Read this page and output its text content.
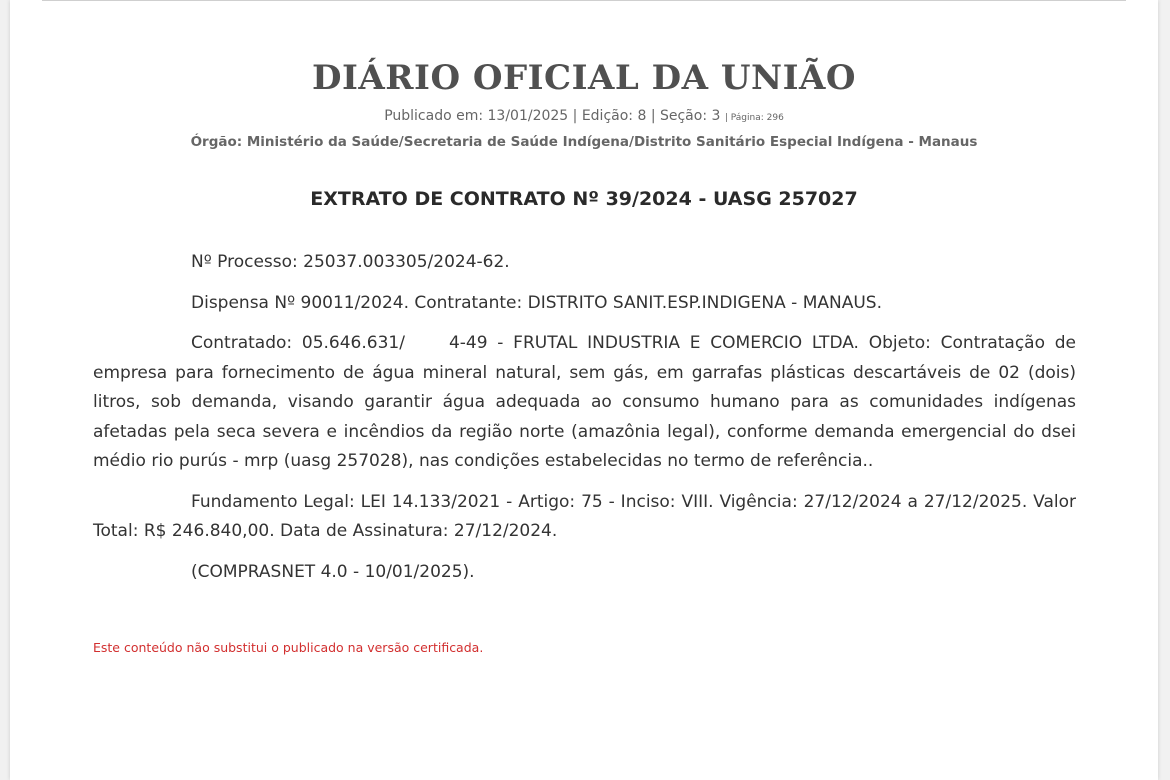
DIÁRIO OFICIAL DA UNIÃO
Publicado em: 13/01/2025 | Edição: 8 | Seção: 3 | Página: 296
Órgão: Ministério da Saúde/Secretaria de Saúde Indígena/Distrito Sanitário Especial Indígena - Manaus
EXTRATO DE CONTRATO Nº 39/2024 - UASG 257027

Nº Processo: 25037.003305/2024-62.

Dispensa Nº 90011/2024. Contratante: DISTRITO SANIT.ESP.INDIGENA - MANAUS.

Contratado: 05.646.631/	4-49 - FRUTAL INDUSTRIA E COMERCIO LTDA. Objeto: Contratação de empresa para fornecimento de água mineral natural, sem gás, em garrafas plásticas descartáveis de 02 (dois) litros, sob demanda, visando garantir água adequada ao consumo humano para as comunidades indígenas afetadas pela seca severa e incêndios da região norte (amazônia legal), conforme demanda emergencial do dsei médio rio purús - mrp (uasg 257028), nas condições estabelecidas no termo de referência..

Fundamento Legal: LEI 14.133/2021 - Artigo: 75 - Inciso: VIII. Vigência: 27/12/2024 a 27/12/2025. Valor Total: R$ 246.840,00. Data de Assinatura: 27/12/2024.

(COMPRASNET 4.0 - 10/01/2025).

Este conteúdo não substitui o publicado na versão certificada.
